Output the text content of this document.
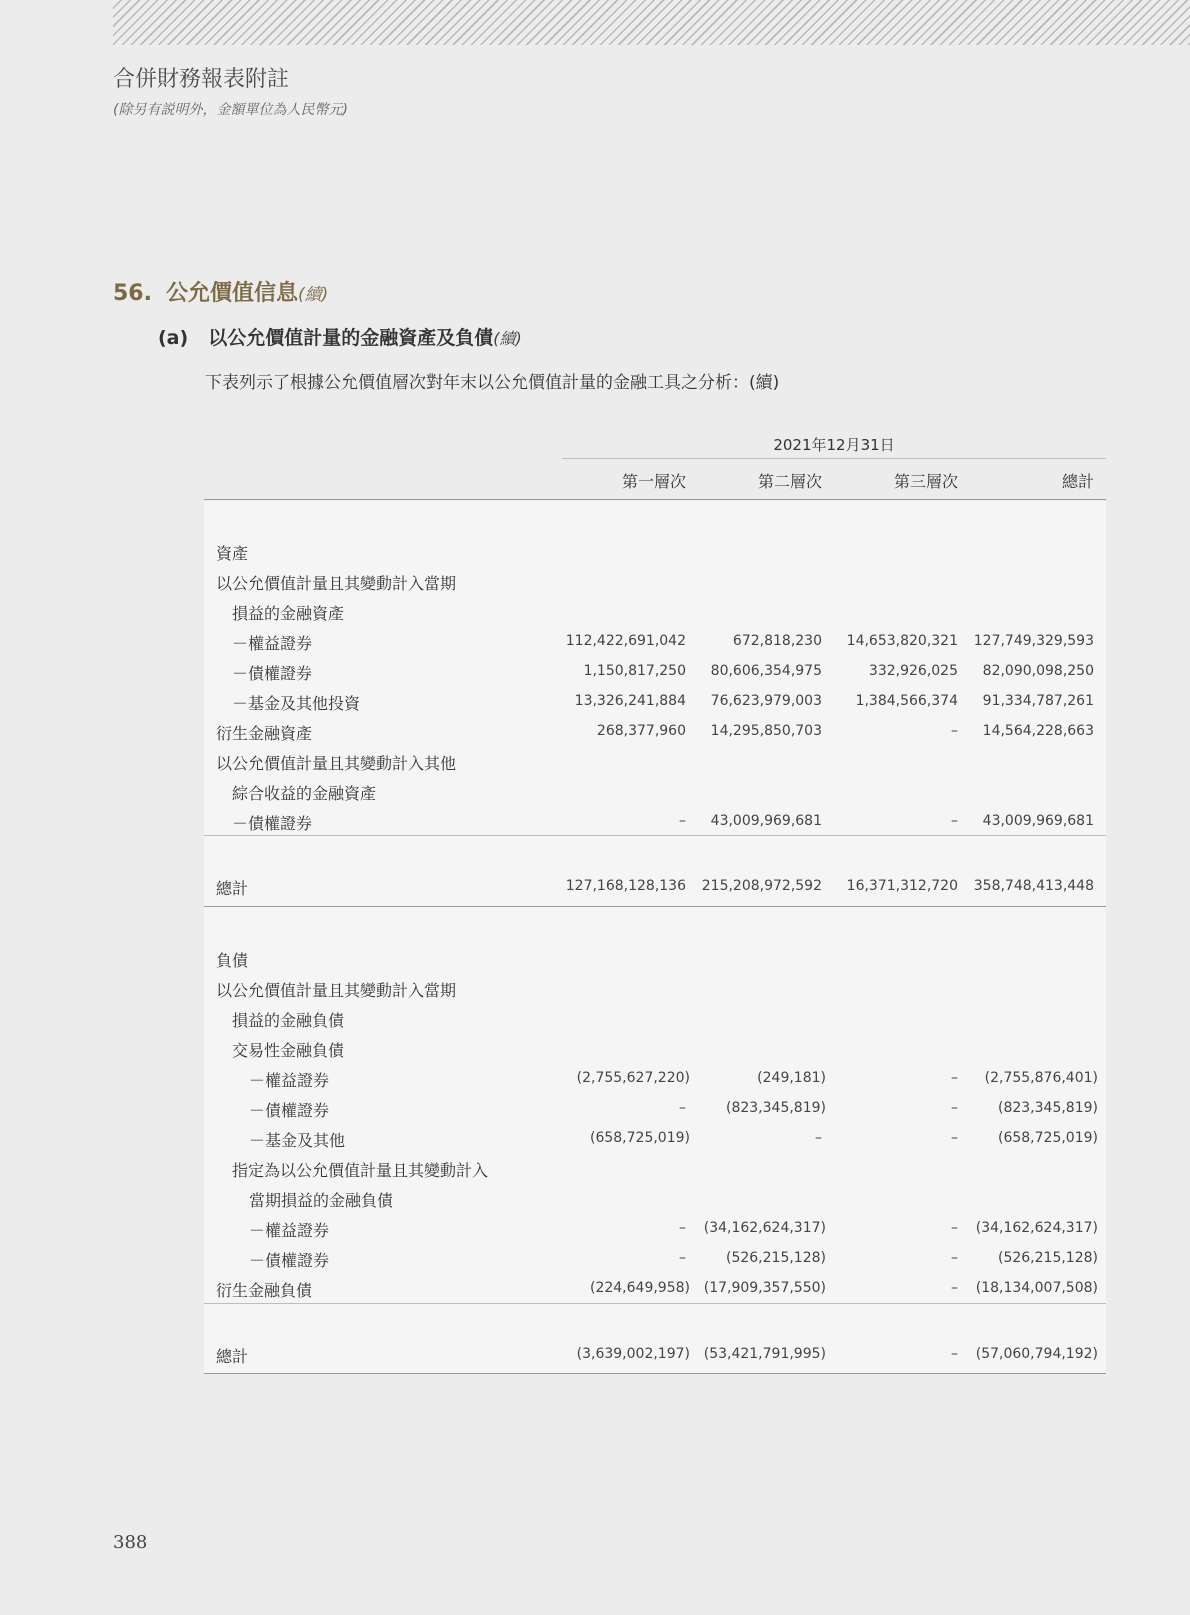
合併財務報表附註
(除另有説明外，金額單位為人民幣元)
56. 公允價值信息(續)
(a) 以公允價值計量的金融資產及負債(續)
下表列示了根據公允價值層次對年末以公允價值計量的金融工具之分析：(續)
2021年12月31日
第一層次	第二層次	第三層次	總計
資產
以公允價值計量且其變動計入當期
損益的金融資產
－權益證券	112,422,691,042	672,818,230	14,653,820,321	127,749,329,593
－債權證券	1,150,817,250	80,606,354,975	332,926,025	82,090,098,250
－基金及其他投資	13,326,241,884	76,623,979,003	1,384,566,374	91,334,787,261
衍生金融資產	268,377,960	14,295,850,703	–	14,564,228,663
以公允價值計量且其變動計入其他
綜合收益的金融資產
－債權證券	–	43,009,969,681	–	43,009,969,681
總計	127,168,128,136	215,208,972,592	16,371,312,720	358,748,413,448
負債
以公允價值計量且其變動計入當期
損益的金融負債
交易性金融負債
－權益證券	(2,755,627,220)	(249,181)	–	(2,755,876,401)
－債權證券	–	(823,345,819)	–	(823,345,819)
－基金及其他	(658,725,019)	–	–	(658,725,019)
指定為以公允價值計量且其變動計入
當期損益的金融負債
－權益證券	–	(34,162,624,317)	–	(34,162,624,317)
－債權證券	–	(526,215,128)	–	(526,215,128)
衍生金融負債	(224,649,958) (17,909,357,550)	–	(18,134,007,508)
總計	(3,639,002,197) (53,421,791,995)	–	(57,060,794,192)
388
